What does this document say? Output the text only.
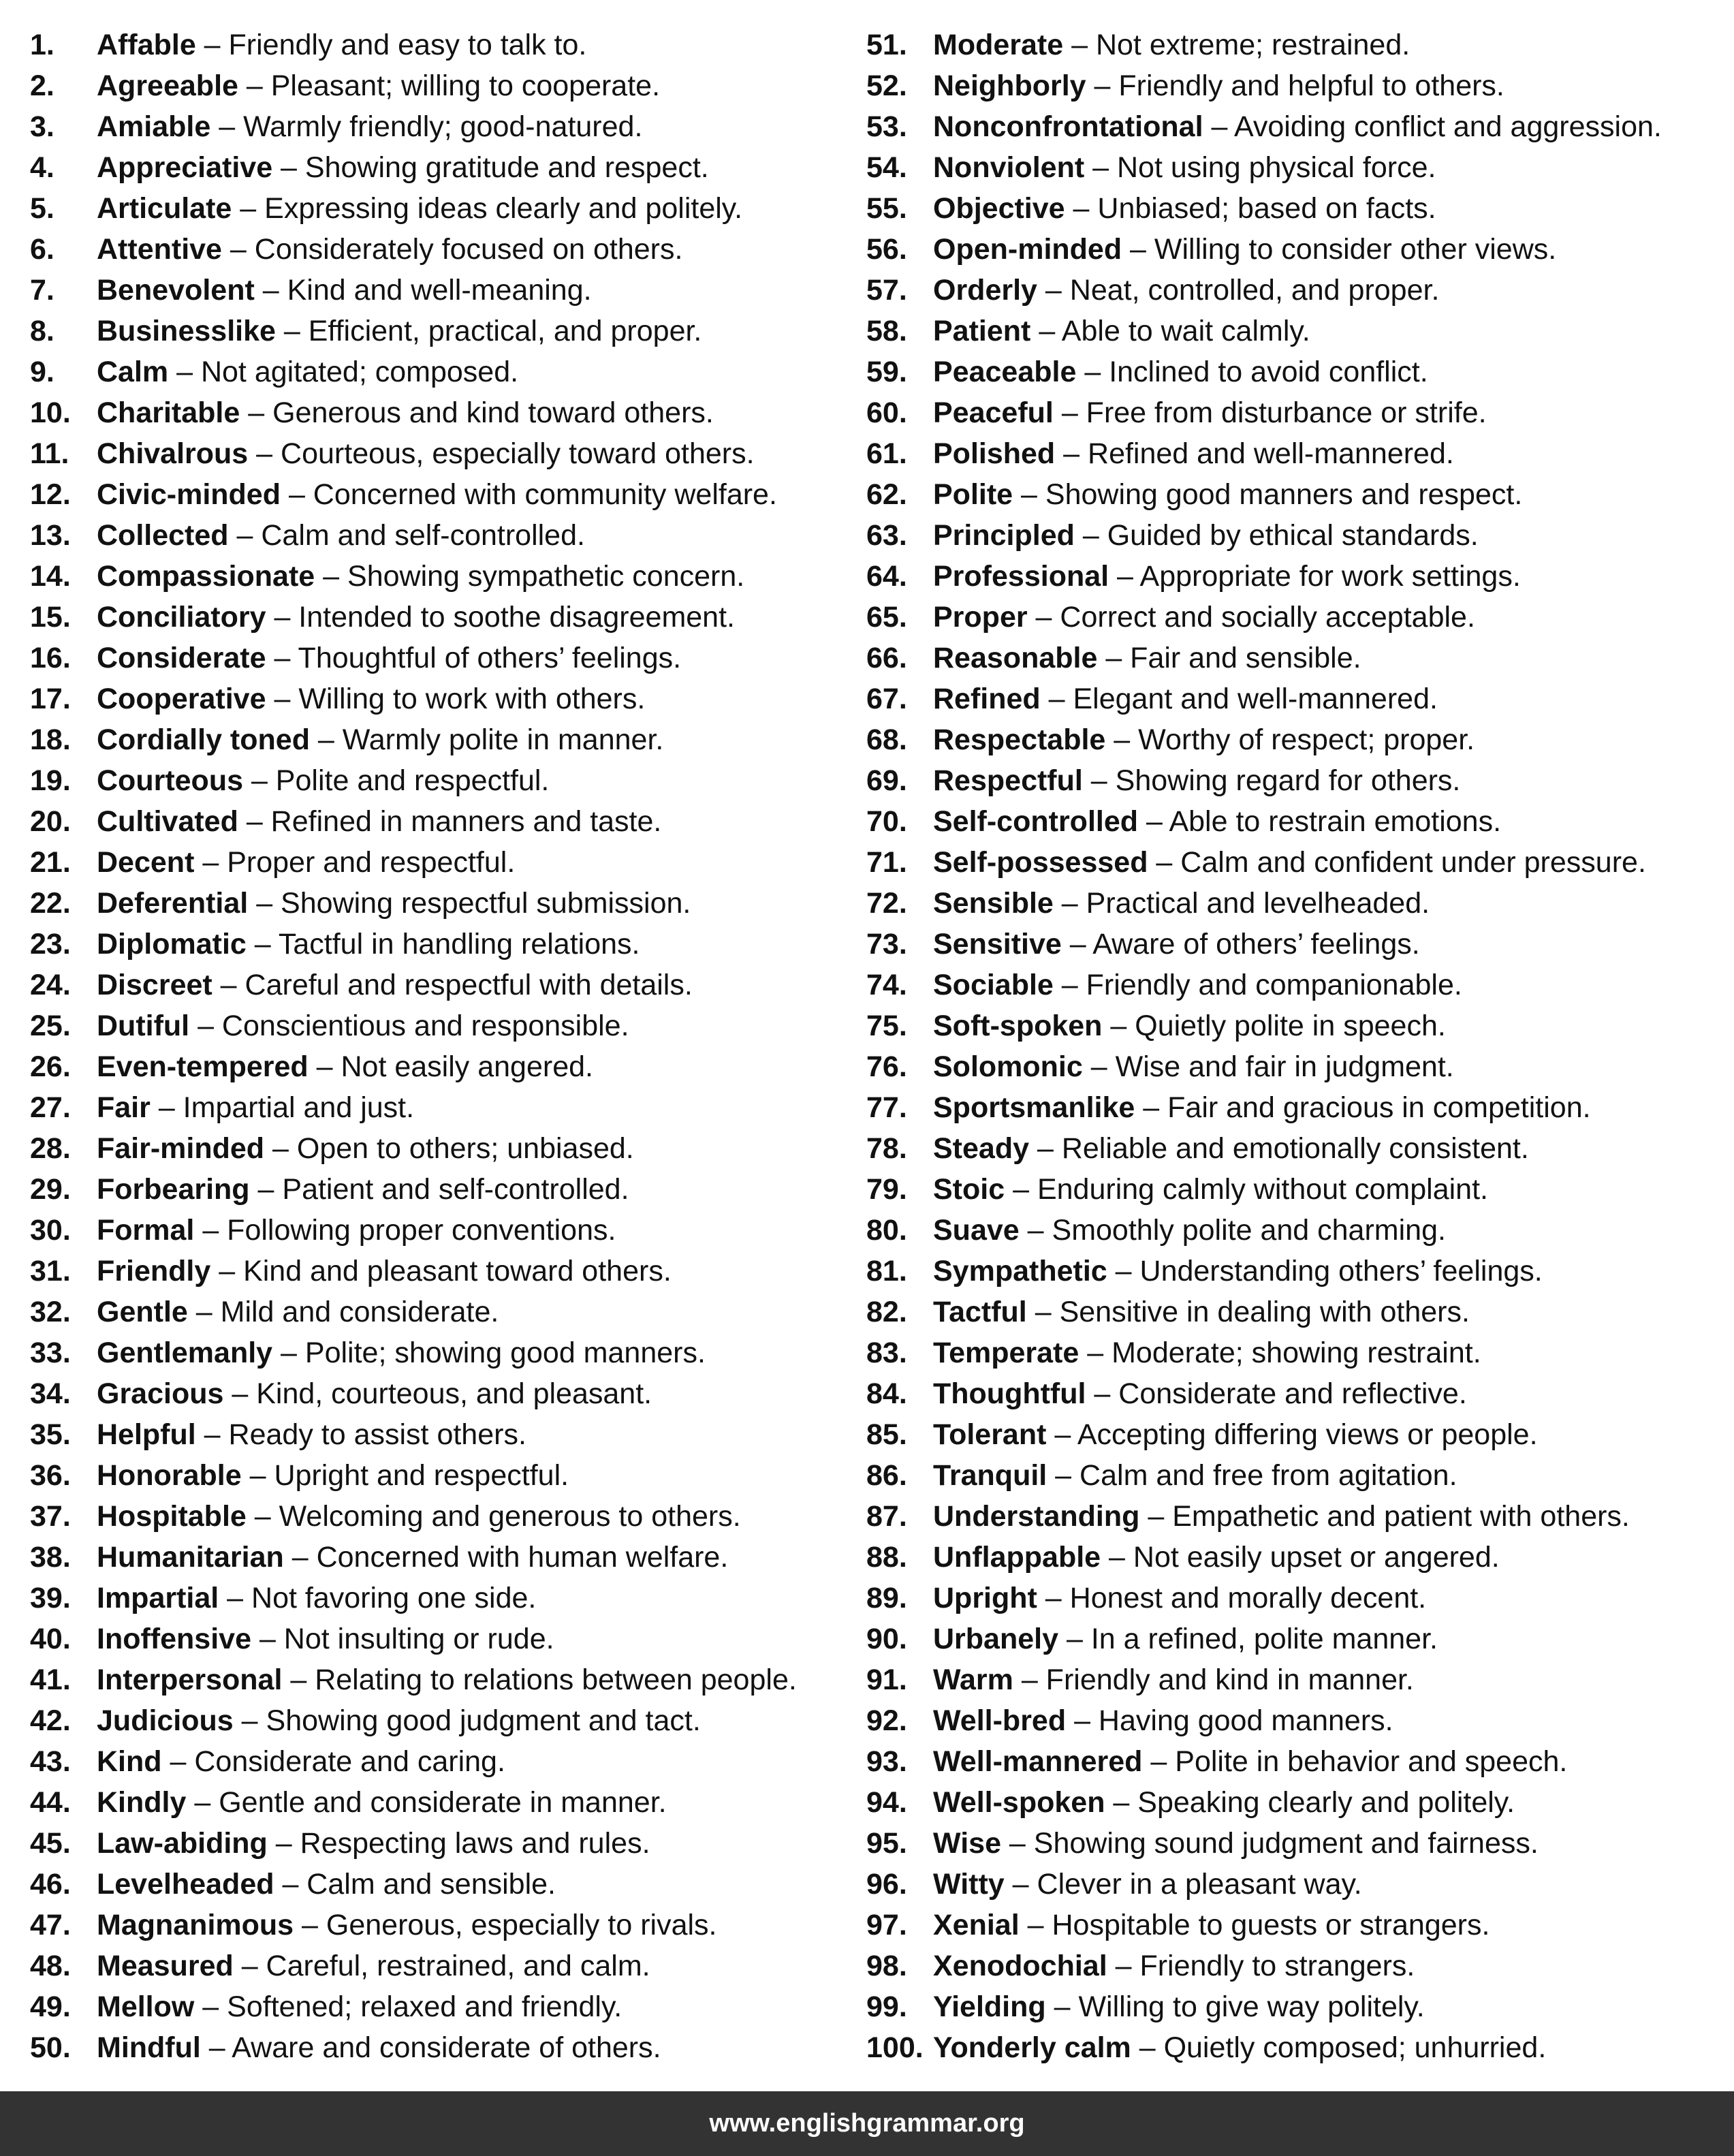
1. Affable – Friendly and easy to talk to.
2. Agreeable – Pleasant; willing to cooperate.
3. Amiable – Warmly friendly; good-natured.
4. Appreciative – Showing gratitude and respect.
5. Articulate – Expressing ideas clearly and politely.
6. Attentive – Considerately focused on others.
7. Benevolent – Kind and well-meaning.
8. Businesslike – Efficient, practical, and proper.
9. Calm – Not agitated; composed.
10. Charitable – Generous and kind toward others.
11. Chivalrous – Courteous, especially toward others.
12. Civic-minded – Concerned with community welfare.
13. Collected – Calm and self-controlled.
14. Compassionate – Showing sympathetic concern.
15. Conciliatory – Intended to soothe disagreement.
16. Considerate – Thoughtful of others’ feelings.
17. Cooperative – Willing to work with others.
18. Cordially toned – Warmly polite in manner.
19. Courteous – Polite and respectful.
20. Cultivated – Refined in manners and taste.
21. Decent – Proper and respectful.
22. Deferential – Showing respectful submission.
23. Diplomatic – Tactful in handling relations.
24. Discreet – Careful and respectful with details.
25. Dutiful – Conscientious and responsible.
26. Even-tempered – Not easily angered.
27. Fair – Impartial and just.
28. Fair-minded – Open to others; unbiased.
29. Forbearing – Patient and self-controlled.
30. Formal – Following proper conventions.
31. Friendly – Kind and pleasant toward others.
32. Gentle – Mild and considerate.
33. Gentlemanly – Polite; showing good manners.
34. Gracious – Kind, courteous, and pleasant.
35. Helpful – Ready to assist others.
36. Honorable – Upright and respectful.
37. Hospitable – Welcoming and generous to others.
38. Humanitarian – Concerned with human welfare.
39. Impartial – Not favoring one side.
40. Inoffensive – Not insulting or rude.
41. Interpersonal – Relating to relations between people.
42. Judicious – Showing good judgment and tact.
43. Kind – Considerate and caring.
44. Kindly – Gentle and considerate in manner.
45. Law-abiding – Respecting laws and rules.
46. Levelheaded – Calm and sensible.
47. Magnanimous – Generous, especially to rivals.
48. Measured – Careful, restrained, and calm.
49. Mellow – Softened; relaxed and friendly.
50. Mindful – Aware and considerate of others.
51. Moderate – Not extreme; restrained.
52. Neighborly – Friendly and helpful to others.
53. Nonconfrontational – Avoiding conflict and aggression.
54. Nonviolent – Not using physical force.
55. Objective – Unbiased; based on facts.
56. Open-minded – Willing to consider other views.
57. Orderly – Neat, controlled, and proper.
58. Patient – Able to wait calmly.
59. Peaceable – Inclined to avoid conflict.
60. Peaceful – Free from disturbance or strife.
61. Polished – Refined and well-mannered.
62. Polite – Showing good manners and respect.
63. Principled – Guided by ethical standards.
64. Professional – Appropriate for work settings.
65. Proper – Correct and socially acceptable.
66. Reasonable – Fair and sensible.
67. Refined – Elegant and well-mannered.
68. Respectable – Worthy of respect; proper.
69. Respectful – Showing regard for others.
70. Self-controlled – Able to restrain emotions.
71. Self-possessed – Calm and confident under pressure.
72. Sensible – Practical and levelheaded.
73. Sensitive – Aware of others’ feelings.
74. Sociable – Friendly and companionable.
75. Soft-spoken – Quietly polite in speech.
76. Solomonic – Wise and fair in judgment.
77. Sportsmanlike – Fair and gracious in competition.
78. Steady – Reliable and emotionally consistent.
79. Stoic – Enduring calmly without complaint.
80. Suave – Smoothly polite and charming.
81. Sympathetic – Understanding others’ feelings.
82. Tactful – Sensitive in dealing with others.
83. Temperate – Moderate; showing restraint.
84. Thoughtful – Considerate and reflective.
85. Tolerant – Accepting differing views or people.
86. Tranquil – Calm and free from agitation.
87. Understanding – Empathetic and patient with others.
88. Unflappable – Not easily upset or angered.
89. Upright – Honest and morally decent.
90. Urbanely – In a refined, polite manner.
91. Warm – Friendly and kind in manner.
92. Well-bred – Having good manners.
93. Well-mannered – Polite in behavior and speech.
94. Well-spoken – Speaking clearly and politely.
95. Wise – Showing sound judgment and fairness.
96. Witty – Clever in a pleasant way.
97. Xenial – Hospitable to guests or strangers.
98. Xenodochial – Friendly to strangers.
99. Yielding – Willing to give way politely.
100. Yonderly calm – Quietly composed; unhurried.
www.englishgrammar.org
